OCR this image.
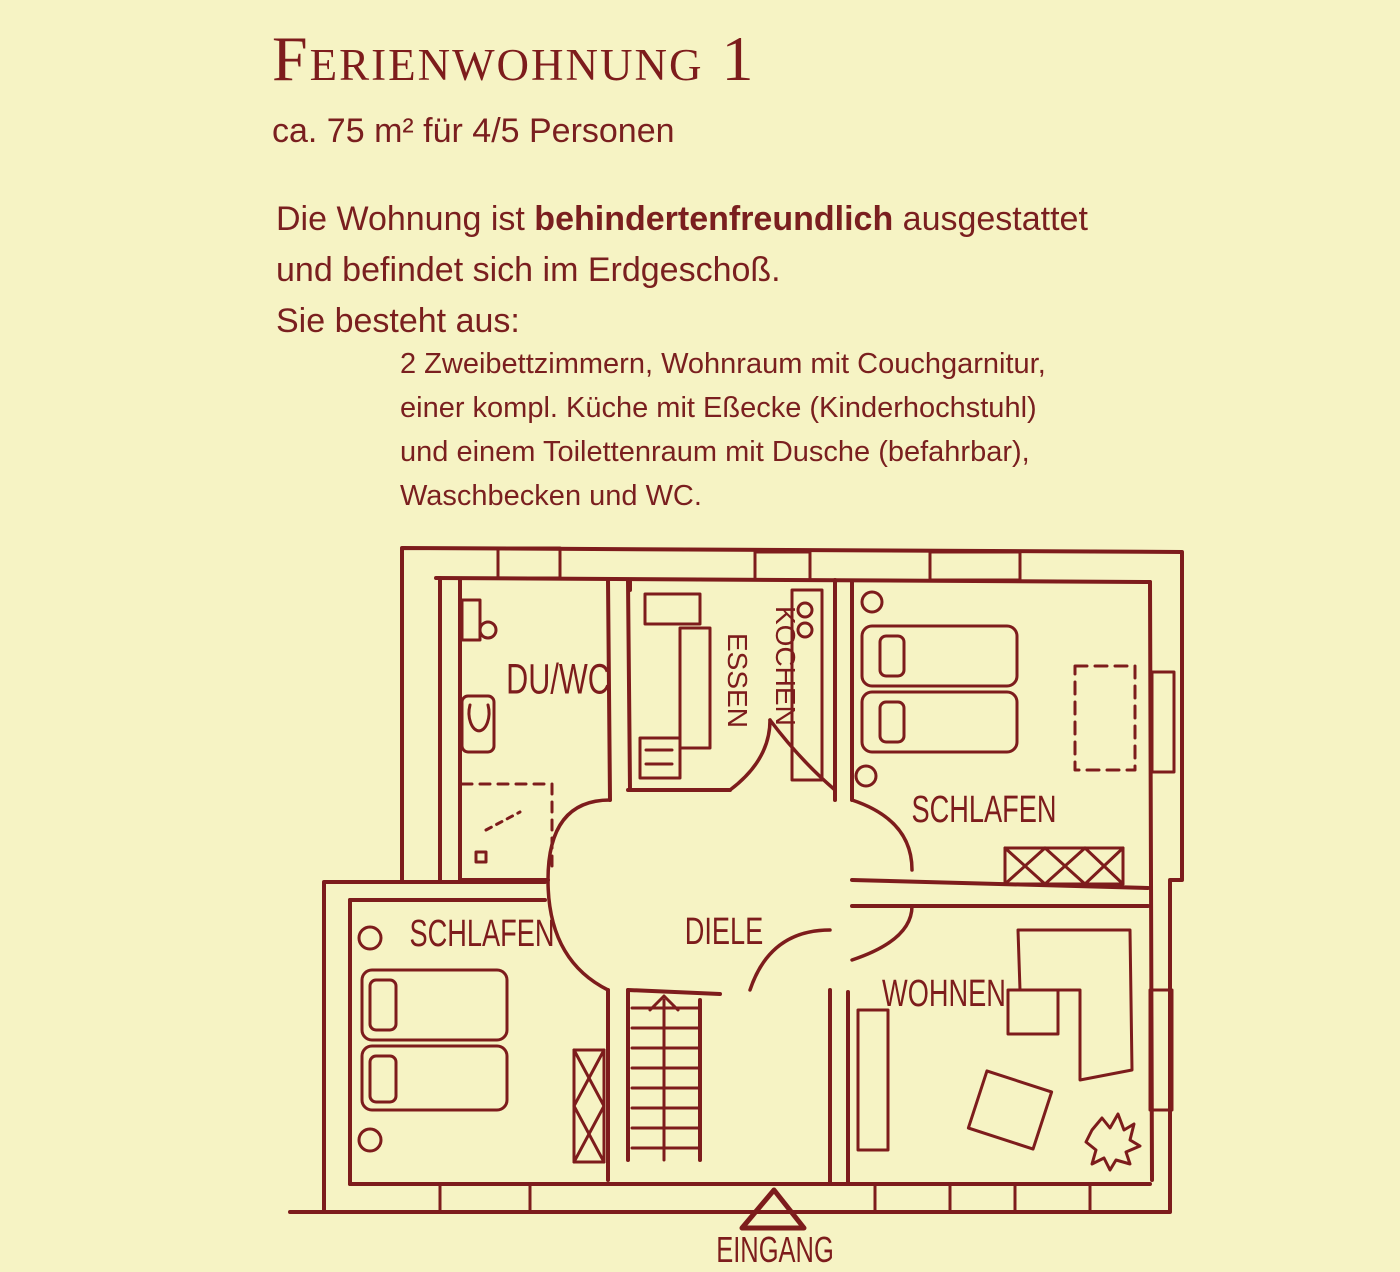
Ferienwohnung 1

ca. 75 m² für 4/5 Personen

Die Wohnung ist behindertenfreundlich ausgestattet
und befindet sich im Erdgeschoß.
Sie besteht aus:
2 Zweibettzimmern, Wohnraum mit Couchgarnitur,
einer kompl. Küche mit Eßecke (Kinderhochstuhl)
und einem Toilettenraum mit Dusche (befahrbar),
Waschbecken und WC.
DU/WC	ESSEN KOCHEN
SCHLAFEN
SCHLAFEN	DIELE
WOHNEN
EINGANG
